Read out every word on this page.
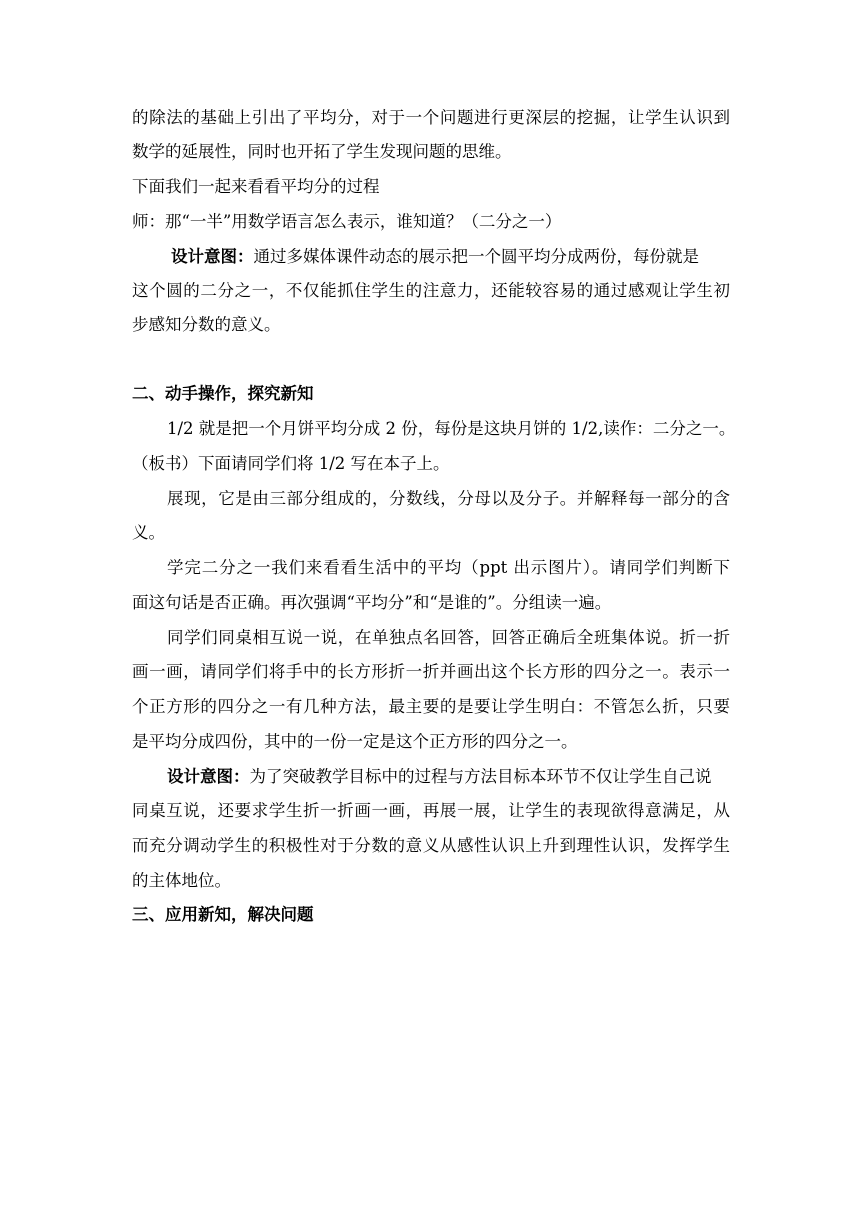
的除法的基础上引出了平均分，对于一个问题进行更深层的挖掘，让学生认识到
数学的延展性，同时也开拓了学生发现问题的思维。
下面我们一起来看看平均分的过程
师：那“一半”用数学语言怎么表示，谁知道？（二分之一）
设计意图：通过多媒体课件动态的展示把一个圆平均分成两份，每份就是
这个圆的二分之一，不仅能抓住学生的注意力，还能较容易的通过感观让学生初
步感知分数的意义。
二、动手操作，探究新知
1/2 就是把一个月饼平均分成 2 份，每份是这块月饼的 1/2,读作：二分之一。
（板书）下面请同学们将 1/2 写在本子上。
展现，它是由三部分组成的，分数线，分母以及分子。并解释每一部分的含
义。
学完二分之一我们来看看生活中的平均（ppt 出示图片）。请同学们判断下
面这句话是否正确。再次强调“平均分”和“是谁的”。分组读一遍。
同学们同桌相互说一说，在单独点名回答，回答正确后全班集体说。折一折
画一画，请同学们将手中的长方形折一折并画出这个长方形的四分之一。表示一
个正方形的四分之一有几种方法，最主要的是要让学生明白：不管怎么折，只要
是平均分成四份，其中的一份一定是这个正方形的四分之一。
设计意图：为了突破教学目标中的过程与方法目标本环节不仅让学生自己说
同桌互说，还要求学生折一折画一画，再展一展，让学生的表现欲得意满足，从
而充分调动学生的积极性对于分数的意义从感性认识上升到理性认识，发挥学生
的主体地位。
三、应用新知，解决问题
